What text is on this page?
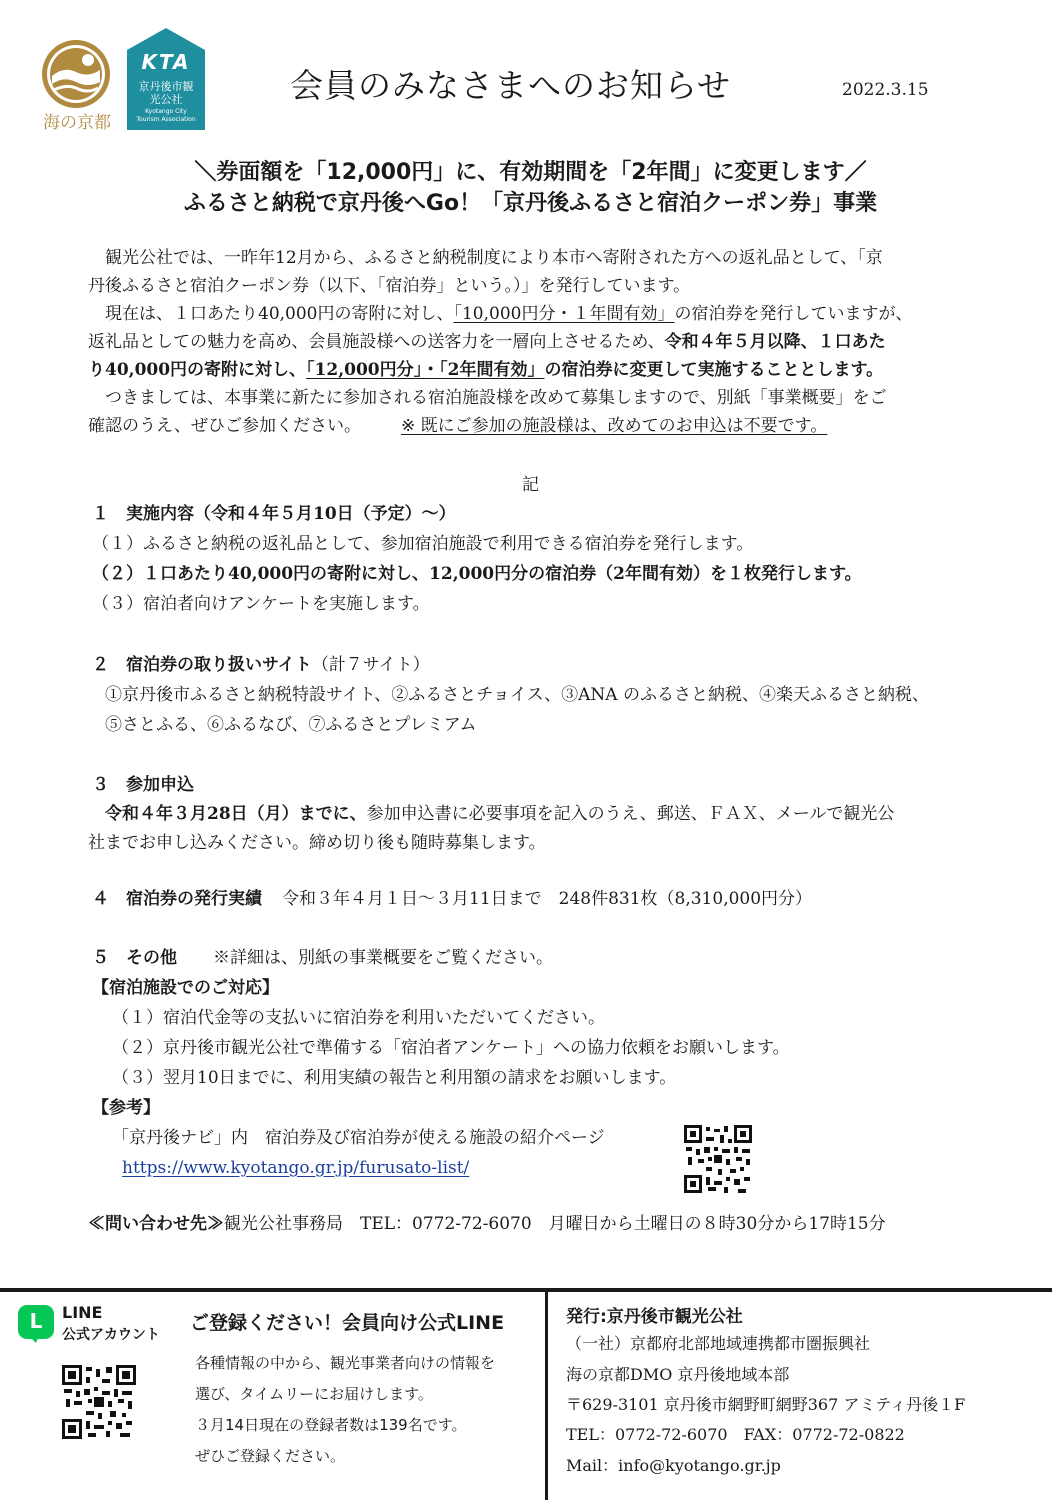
海の京都
KTA
京丹後市観光公社
Kyotango City Tourism Association
会員のみなさまへのお知らせ	2022.3.15
＼券面額を「12,000円」に、有効期間を「2年間」に変更します／
ふるさと納税で京丹後へGo！「京丹後ふるさと宿泊クーポン券」事業
観光公社では、一昨年12月から、ふるさと納税制度により本市へ寄附された方への返礼品として、「京
丹後ふるさと宿泊クーポン券（以下、「宿泊券」という。）」を発行しています。
現在は、１口あたり40,000円の寄附に対し、「10,000円分・１年間有効」の宿泊券を発行していますが、
返礼品としての魅力を高め、会員施設様への送客力を一層向上させるため、令和４年５月以降、１口あた
り40,000円の寄附に対し、「12,000円分」・「2年間有効」の宿泊券に変更して実施することとします。
つきましては、本事業に新たに参加される宿泊施設様を改めて募集しますので、別紙「事業概要」をご
確認のうえ、ぜひご参加ください。 ※ 既にご参加の施設様は、改めてのお申込は不要です。
記
１　実施内容（令和４年５月10日（予定）～）
（１）ふるさと納税の返礼品として、参加宿泊施設で利用できる宿泊券を発行します。
（２）１口あたり40,000円の寄附に対し、12,000円分の宿泊券（2年間有効）を１枚発行します。
（３）宿泊者向けアンケートを実施します。
２　宿泊券の取り扱いサイト（計７サイト）
①京丹後市ふるさと納税特設サイト、②ふるさとチョイス、③ANA のふるさと納税、④楽天ふるさと納税、
⑤さとふる、⑥ふるなび、⑦ふるさとプレミアム
３　参加申込
令和４年３月28日（月）までに、参加申込書に必要事項を記入のうえ、郵送、ＦＡＸ、メールで観光公
社までお申し込みください。締め切り後も随時募集します。
４　宿泊券の発行実績 令和３年４月１日～３月11日まで　248件831枚（8,310,000円分）
５　その他 ※詳細は、別紙の事業概要をご覧ください。
【宿泊施設でのご対応】
（１）宿泊代金等の支払いに宿泊券を利用いただいてください。
（２）京丹後市観光公社で準備する「宿泊者アンケート」への協力依頼をお願いします。
（３）翌月10日までに、利用実績の報告と利用額の請求をお願いします。
【参考】
「京丹後ナビ」内　宿泊券及び宿泊券が使える施設の紹介ページ
https://www.kyotango.gr.jp/furusato-list/
≪問い合わせ先≫観光公社事務局　TEL：0772-72-6070　月曜日から土曜日の８時30分から17時15分
L	LINE
公式アカウント
ご登録ください！会員向け公式LINE
各種情報の中から、観光事業者向けの情報を
選び、タイムリーにお届けします。
３月14日現在の登録者数は139名です。
ぜひご登録ください。
発行:京丹後市観光公社
（一社）京都府北部地域連携都市圏振興社
海の京都DMO 京丹後地域本部
〒629-3101 京丹後市網野町網野367 アミティ丹後１F
TEL：0772-72-6070　FAX：0772-72-0822
Mail：info@kyotango.gr.jp
